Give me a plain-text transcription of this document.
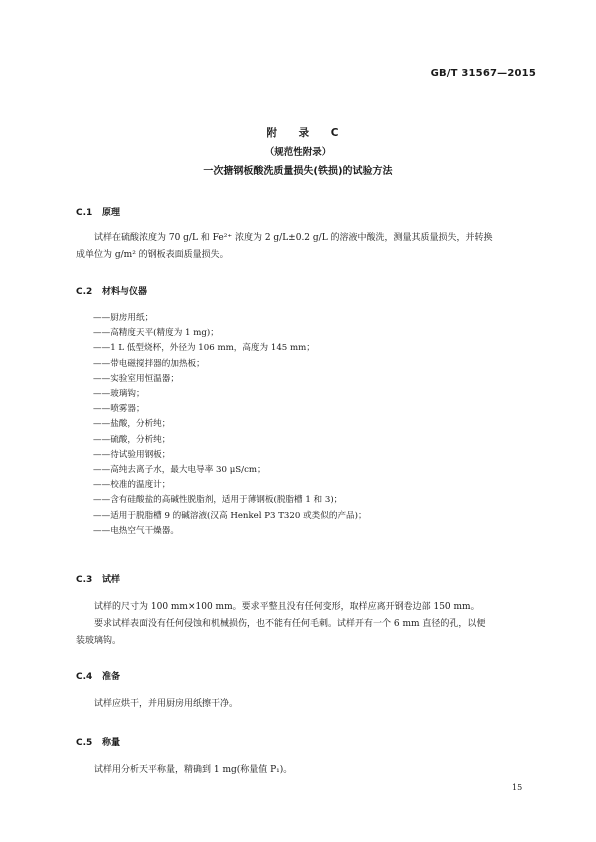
GB/T 31567—2015
附 录 C
（规范性附录）
一次搪钢板酸洗质量损失(铁损)的试验方法
C.1 原理

试样在硫酸浓度为 70 g/L 和 Fe²⁺ 浓度为 2 g/L±0.2 g/L 的溶液中酸洗，测量其质量损失，并转换

成单位为 g/m² 的钢板表面质量损失。

C.2 材料与仪器
——厨房用纸；
——高精度天平(精度为 1 mg)；
——1 L 低型烧杯，外径为 106 mm，高度为 145 mm；
——带电磁搅拌器的加热板；
——实验室用恒温器；
——玻璃钩；
——喷雾器；
——盐酸，分析纯；
——硫酸，分析纯；
——待试验用钢板；
——高纯去离子水，最大电导率 30 μS/cm；
——校准的温度计；
——含有硅酸盐的高碱性脱脂剂，适用于薄钢板(脱脂槽 1 和 3)；
——适用于脱脂槽 9 的碱溶液(汉高 Henkel P3 T320 或类似的产品)；
——电热空气干燥器。
C.3 试样

试样的尺寸为 100 mm×100 mm。要求平整且没有任何变形，取样应离开钢卷边部 150 mm。

要求试样表面没有任何侵蚀和机械损伤，也不能有任何毛刺。试样开有一个 6 mm 直径的孔，以便

装玻璃钩。

C.4 准备

试样应烘干，并用厨房用纸擦干净。

C.5 称量

试样用分析天平称量，精确到 1 mg(称量值 P₁)。

15
